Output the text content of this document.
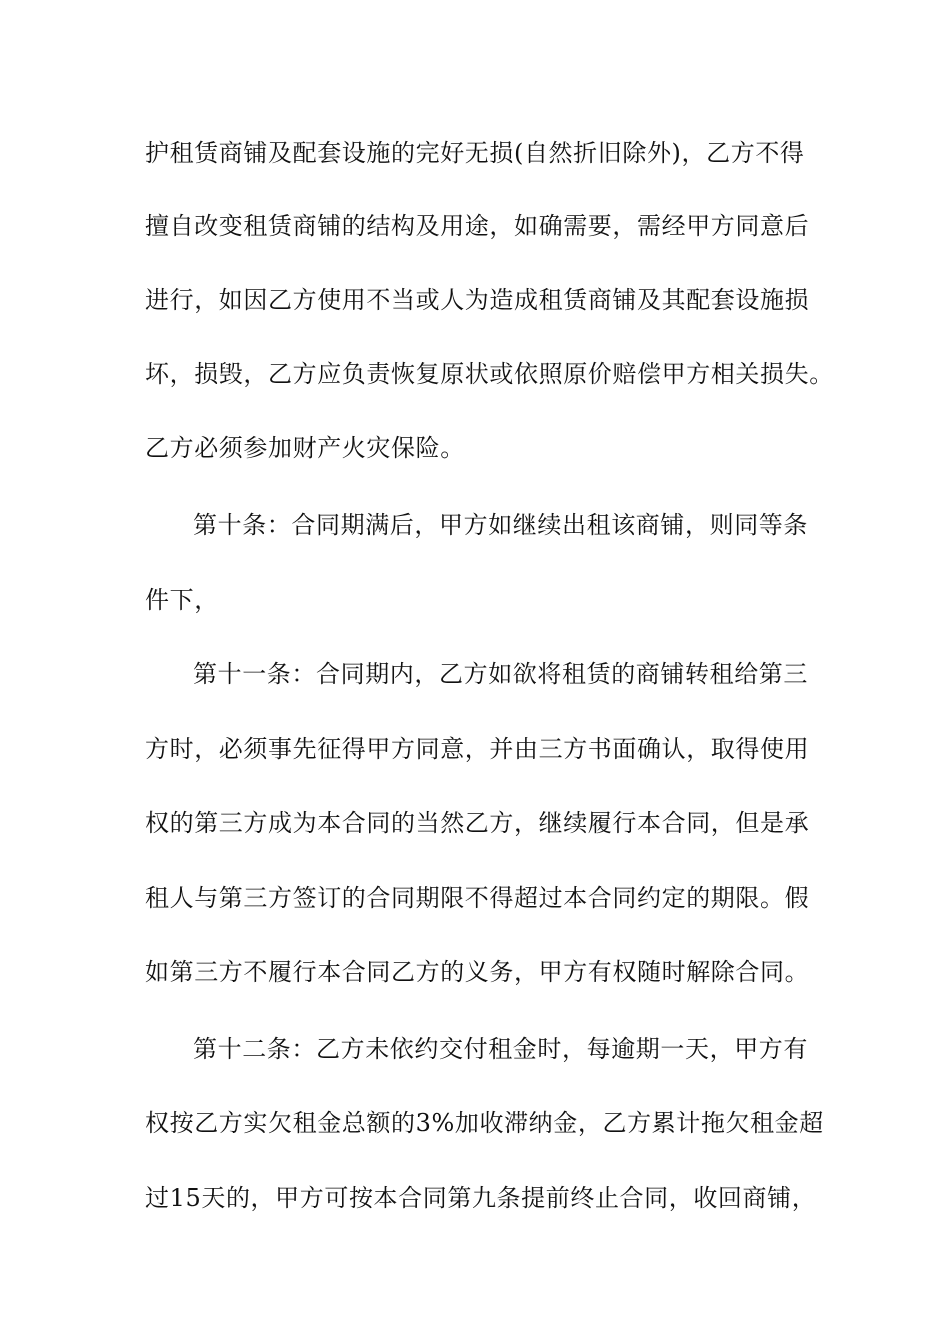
护租赁商铺及配套设施的完好无损(自然折旧除外)，乙方不得
擅自改变租赁商铺的结构及用途，如确需要，需经甲方同意后
进行，如因乙方使用不当或人为造成租赁商铺及其配套设施损
坏，损毁，乙方应负责恢复原状或依照原价赔偿甲方相关损失。
乙方必须参加财产火灾保险。
第十条：合同期满后，甲方如继续出租该商铺，则同等条
件下，
第十一条：合同期内，乙方如欲将租赁的商铺转租给第三
方时，必须事先征得甲方同意，并由三方书面确认，取得使用
权的第三方成为本合同的当然乙方，继续履行本合同，但是承
租人与第三方签订的合同期限不得超过本合同约定的期限。假
如第三方不履行本合同乙方的义务，甲方有权随时解除合同。
第十二条：乙方未依约交付租金时，每逾期一天，甲方有
权按乙方实欠租金总额的3%加收滞纳金，乙方累计拖欠租金超
过15天的，甲方可按本合同第九条提前终止合同，收回商铺，
